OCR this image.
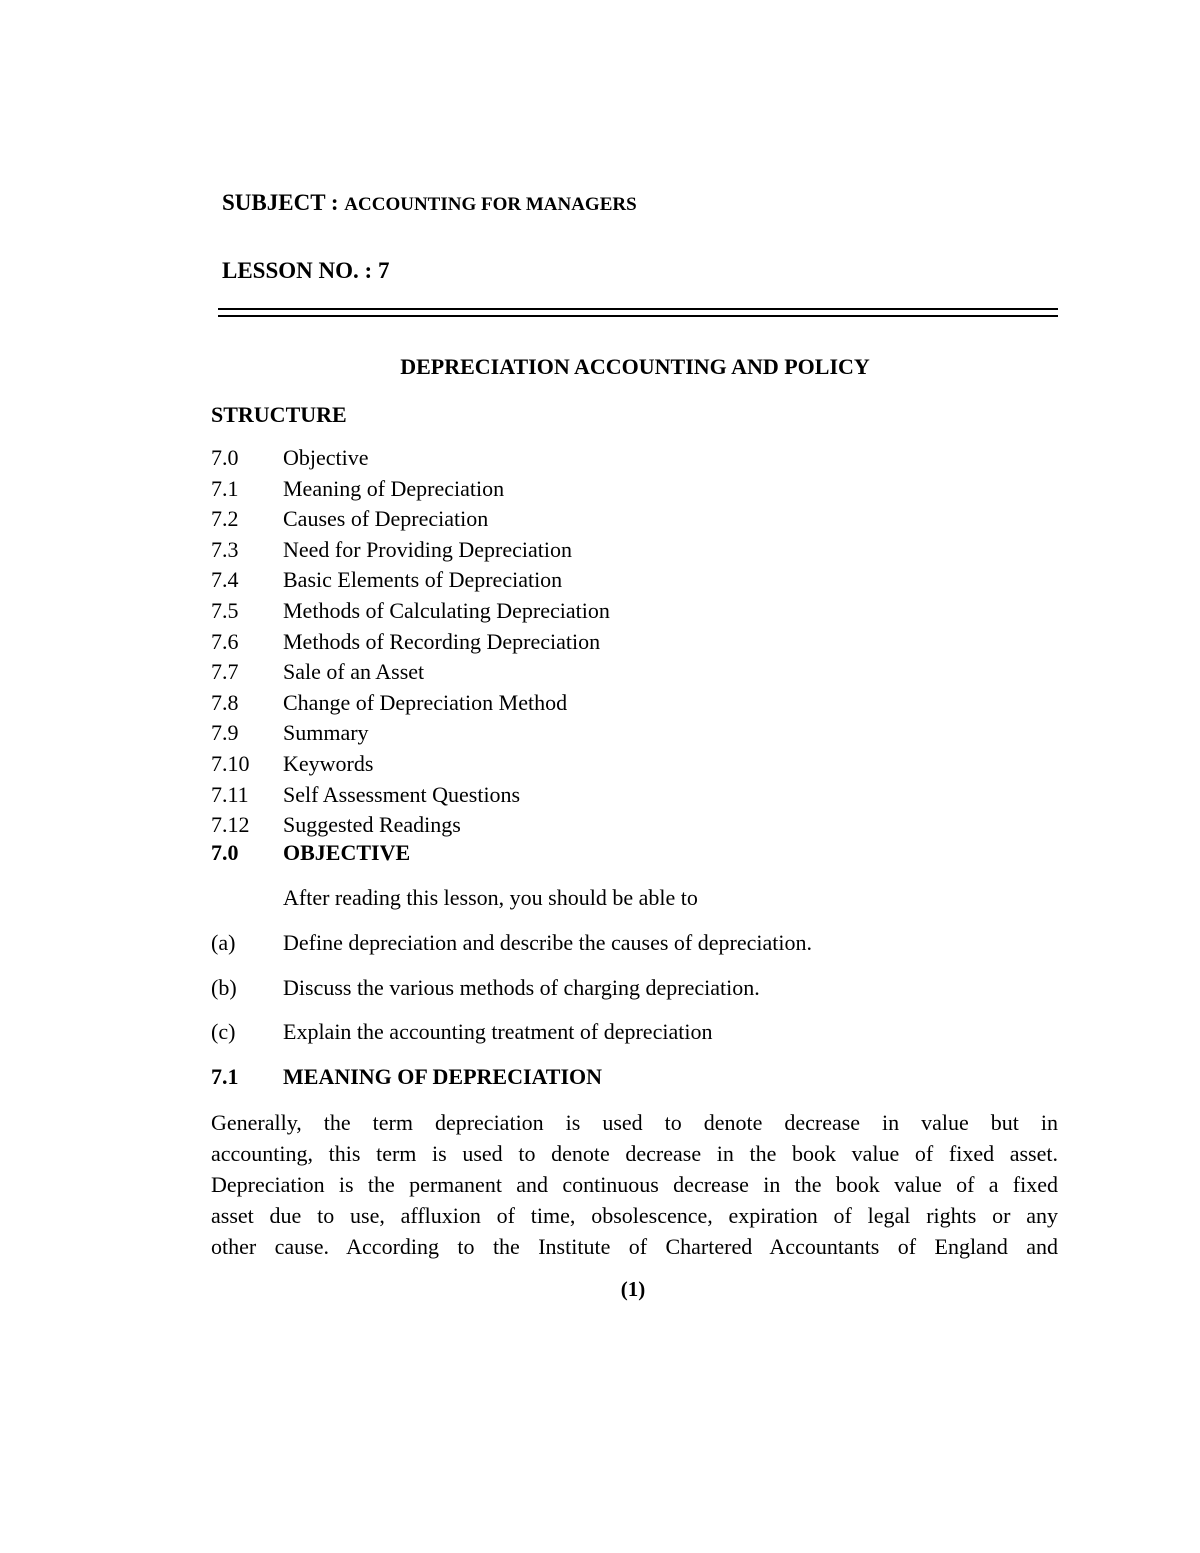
SUBJECT : ACCOUNTING FOR MANAGERS
LESSON NO. : 7
DEPRECIATION ACCOUNTING AND POLICY
STRUCTURE
7.0 Objective
7.1 Meaning of Depreciation
7.2 Causes of Depreciation
7.3 Need for Providing Depreciation
7.4 Basic Elements of Depreciation
7.5 Methods of Calculating Depreciation
7.6 Methods of Recording Depreciation
7.7 Sale of an Asset
7.8 Change of Depreciation Method
7.9 Summary
7.10 Keywords
7.11 Self Assessment Questions
7.12 Suggested Readings
7.0 OBJECTIVE
After reading this lesson, you should be able to
(a) Define depreciation and describe the causes of depreciation.
(b) Discuss the various methods of charging depreciation.
(c) Explain the accounting treatment of depreciation
7.1 MEANING OF DEPRECIATION
Generally, the term depreciation is used to denote decrease in value but in
accounting, this term is used to denote decrease in the book value of fixed asset.
Depreciation is the permanent and continuous decrease in the book value of a fixed
asset due to use, affluxion of time, obsolescence, expiration of legal rights or any
other cause. According to the Institute of Chartered Accountants of England and
(1)
